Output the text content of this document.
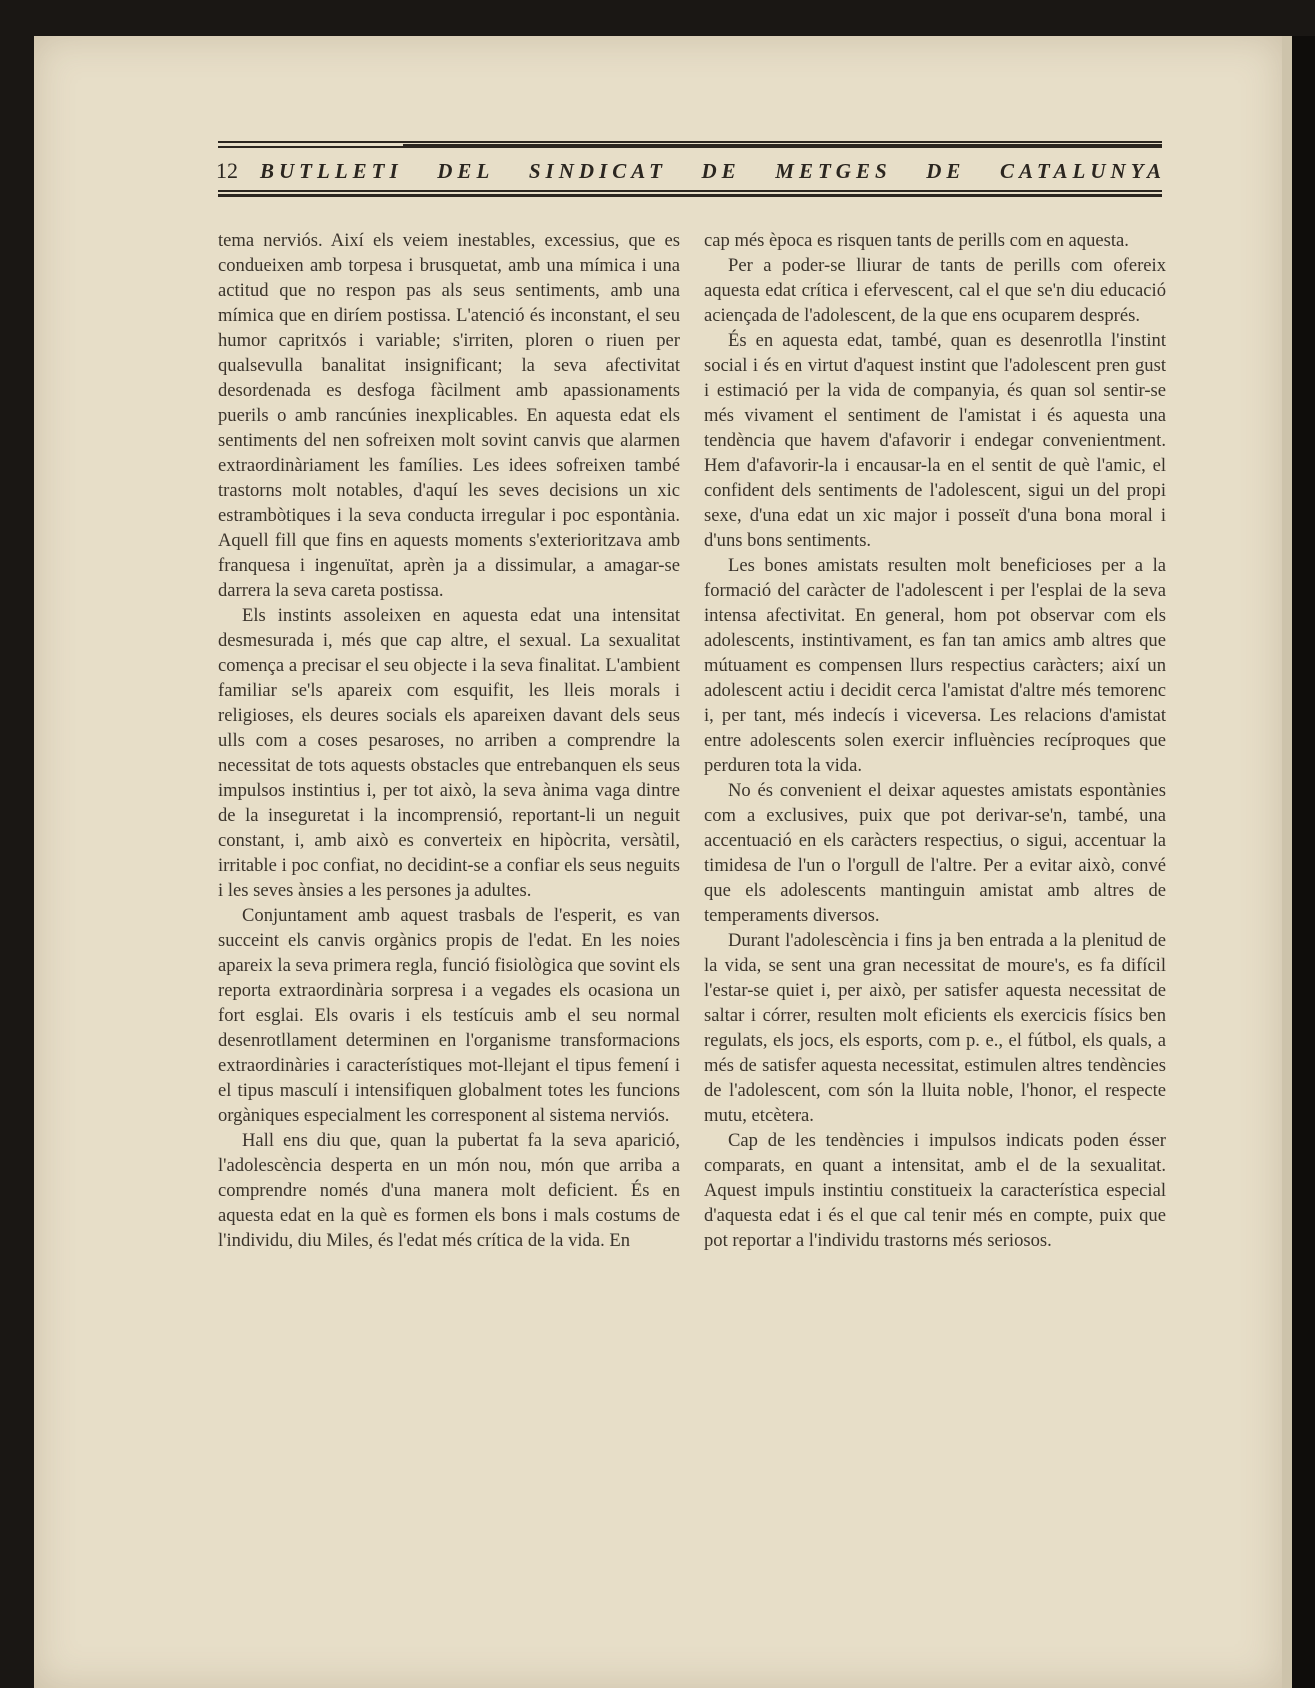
12	BUTLLETI DEL SINDICAT DE METGES DE CATALUNYA

tema nerviós. Així els veiem inestables, excessius, que es condueixen amb torpesa i brusquetat, amb una mímica i una actitud que no respon pas als seus sentiments, amb una mímica que en diríem postissa. L'atenció és inconstant, el seu humor capritxós i variable; s'irriten, ploren o riuen per qualsevulla banalitat insignificant; la seva afectivitat desordenada es desfoga fàcilment amb apassionaments puerils o amb rancúnies inexplicables. En aquesta edat els sentiments del nen sofreixen molt sovint canvis que alarmen extraordinàriament les famílies. Les idees sofreixen també trastorns molt notables, d'aquí les seves decisions un xic estrambòtiques i la seva conducta irregular i poc espontània. Aquell fill que fins en aquests moments s'exterioritzava amb franquesa i ingenuïtat, aprèn ja a dissimular, a amagar-se darrera la seva careta postissa.

Els instints assoleixen en aquesta edat una intensitat desmesurada i, més que cap altre, el sexual. La sexualitat comença a precisar el seu objecte i la seva finalitat. L'ambient familiar se'ls apareix com esquifit, les lleis morals i religioses, els deures socials els apareixen davant dels seus ulls com a coses pesaroses, no arriben a comprendre la necessitat de tots aquests obstacles que entrebanquen els seus impulsos instintius i, per tot això, la seva ànima vaga dintre de la inseguretat i la incomprensió, reportant-li un neguit constant, i, amb això es converteix en hipòcrita, versàtil, irritable i poc confiat, no decidint-se a confiar els seus neguits i les seves ànsies a les persones ja adultes.

Conjuntament amb aquest trasbals de l'esperit, es van succeint els canvis orgànics propis de l'edat. En les noies apareix la seva primera regla, funció fisiològica que sovint els reporta extraordinària sorpresa i a vegades els ocasiona un fort esglai. Els ovaris i els testícuis amb el seu normal desenrotllament determinen en l'organisme transformacions extraordinàries i característiques mot-llejant el tipus femení i el tipus masculí i intensifiquen globalment totes les funcions orgàniques especialment les corresponent al sistema nerviós.

Hall ens diu que, quan la pubertat fa la seva aparició, l'adolescència desperta en un món nou, món que arriba a comprendre només d'una manera molt deficient. És en aquesta edat en la què es formen els bons i mals costums de l'individu, diu Miles, és l'edat més crítica de la vida. En

cap més època es risquen tants de perills com en aquesta.

Per a poder-se lliurar de tants de perills com ofereix aquesta edat crítica i efervescent, cal el que se'n diu educació aciençada de l'adolescent, de la que ens ocuparem després.

És en aquesta edat, també, quan es desenrotlla l'instint social i és en virtut d'aquest instint que l'adolescent pren gust i estimació per la vida de companyia, és quan sol sentir-se més vivament el sentiment de l'amistat i és aquesta una tendència que havem d'afavorir i endegar convenientment. Hem d'afavorir-la i encausar-la en el sentit de què l'amic, el confident dels sentiments de l'adolescent, sigui un del propi sexe, d'una edat un xic major i posseït d'una bona moral i d'uns bons sentiments.

Les bones amistats resulten molt beneficioses per a la formació del caràcter de l'adolescent i per l'esplai de la seva intensa afectivitat. En general, hom pot observar com els adolescents, instintivament, es fan tan amics amb altres que mútuament es compensen llurs respectius caràcters; així un adolescent actiu i decidit cerca l'amistat d'altre més temorenc i, per tant, més indecís i viceversa. Les relacions d'amistat entre adolescents solen exercir influències recíproques que perduren tota la vida.

No és convenient el deixar aquestes amistats espontànies com a exclusives, puix que pot derivar-se'n, també, una accentuació en els caràcters respectius, o sigui, accentuar la timidesa de l'un o l'orgull de l'altre. Per a evitar això, convé que els adolescents mantinguin amistat amb altres de temperaments diversos.

Durant l'adolescència i fins ja ben entrada a la plenitud de la vida, se sent una gran necessitat de moure's, es fa difícil l'estar-se quiet i, per això, per satisfer aquesta necessitat de saltar i córrer, resulten molt eficients els exercicis físics ben regulats, els jocs, els esports, com p. e., el fútbol, els quals, a més de satisfer aquesta necessitat, estimulen altres tendències de l'adolescent, com són la lluita noble, l'honor, el respecte mutu, etcètera.

Cap de les tendències i impulsos indicats poden ésser comparats, en quant a intensitat, amb el de la sexualitat. Aquest impuls instintiu constitueix la característica especial d'aquesta edat i és el que cal tenir més en compte, puix que pot reportar a l'individu trastorns més seriosos.
